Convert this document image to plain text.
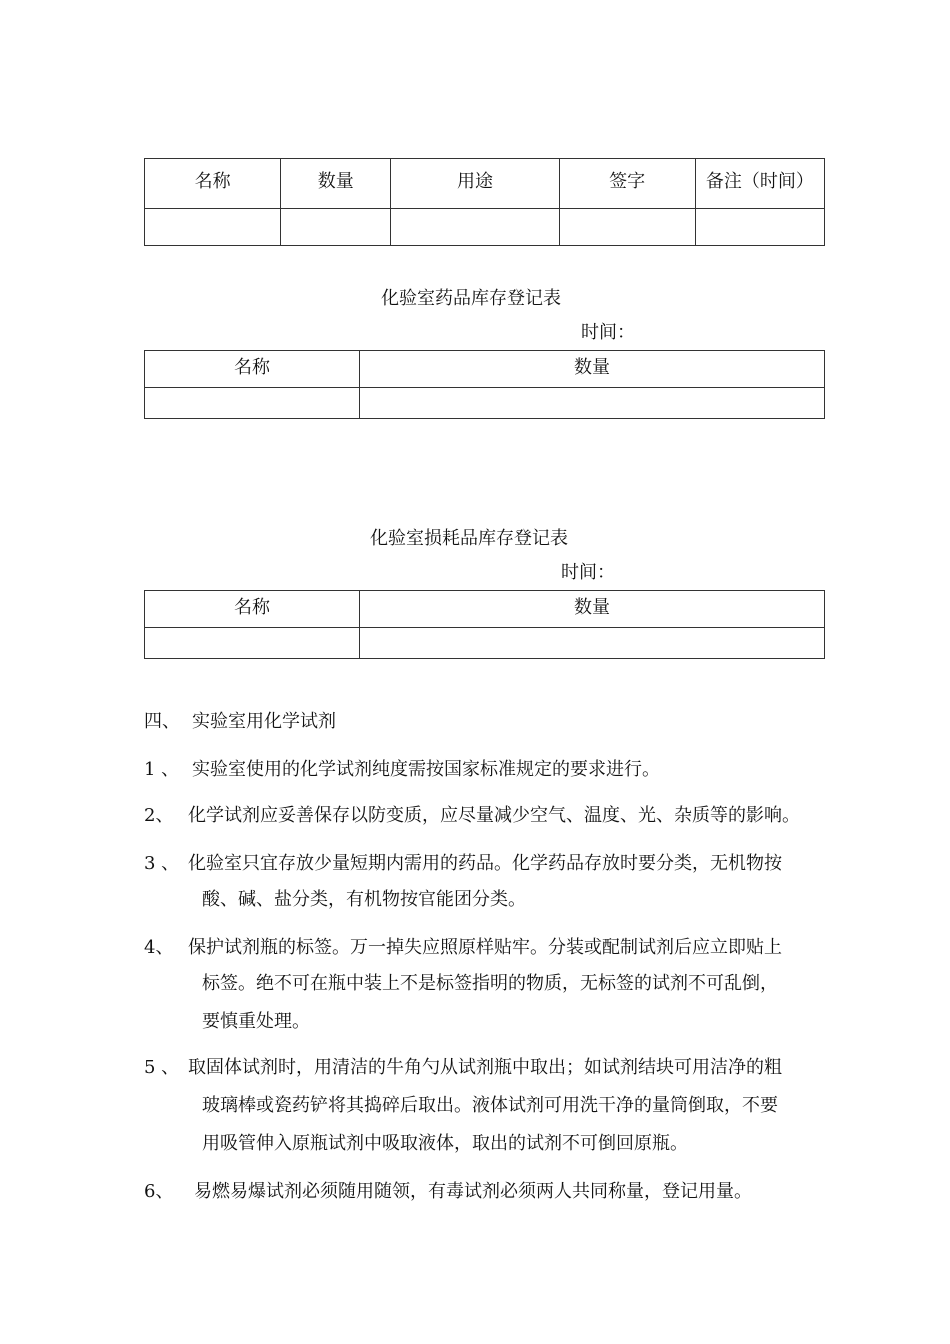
名称	数量	用途	签字	备注（时间）

化验室药品库存登记表
时间：
名称	数量

化验室损耗品库存登记表
时间：
名称	数量

四、 实验室用化学试剂
1 、 实验室使用的化学试剂纯度需按国家标准规定的要求进行。
2、 化学试剂应妥善保存以防变质，应尽量减少空气、温度、光、杂质等的影响。
3 、 化验室只宜存放少量短期内需用的药品。化学药品存放时要分类，无机物按
酸、碱、盐分类，有机物按官能团分类。
4、 保护试剂瓶的标签。万一掉失应照原样贴牢。分装或配制试剂后应立即贴上
标签。绝不可在瓶中装上不是标签指明的物质，无标签的试剂不可乱倒，
要慎重处理。
5 、 取固体试剂时，用清洁的牛角勺从试剂瓶中取出；如试剂结块可用洁净的粗
玻璃棒或瓷药铲将其捣碎后取出。液体试剂可用洗干净的量筒倒取，不要
用吸管伸入原瓶试剂中吸取液体，取出的试剂不可倒回原瓶。
6、 易燃易爆试剂必须随用随领，有毒试剂必须两人共同称量，登记用量。
